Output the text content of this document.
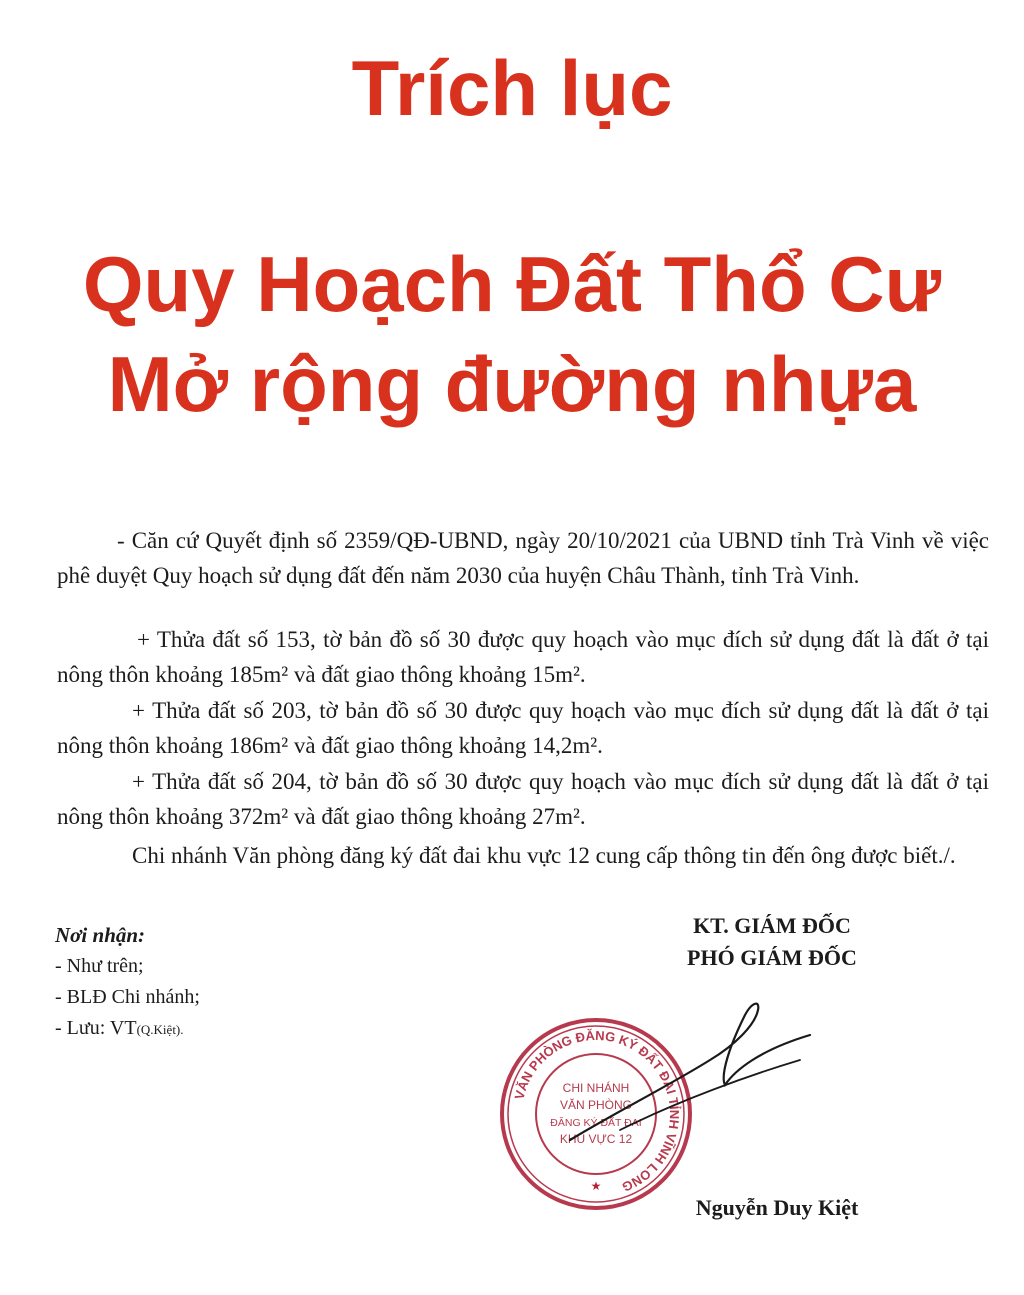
Trích lục
Quy Hoạch Đất Thổ Cư
Mở rộng đường nhựa

- Căn cứ Quyết định số 2359/QĐ-UBND, ngày 20/10/2021 của UBND tỉnh Trà Vinh về việc phê duyệt Quy hoạch sử dụng đất đến năm 2030 của huyện Châu Thành, tỉnh Trà Vinh.

+ Thửa đất số 153, tờ bản đồ số 30 được quy hoạch vào mục đích sử dụng đất là đất ở tại nông thôn khoảng 185m² và đất giao thông khoảng 15m².

+ Thửa đất số 203, tờ bản đồ số 30 được quy hoạch vào mục đích sử dụng đất là đất ở tại nông thôn khoảng 186m² và đất giao thông khoảng 14,2m².

+ Thửa đất số 204, tờ bản đồ số 30 được quy hoạch vào mục đích sử dụng đất là đất ở tại nông thôn khoảng 372m² và đất giao thông khoảng 27m².

Chi nhánh Văn phòng đăng ký đất đai khu vực 12 cung cấp thông tin đến ông được biết./.

Nơi nhận:
- Như trên;
- BLĐ Chi nhánh;
- Lưu: VT(Q.Kiệt).
KT. GIÁM ĐỐC
PHÓ GIÁM ĐỐC
VĂN PHÒNG ĐĂNG KÝ ĐẤT ĐAI TỈNH VĨNH LONG
CHI NHÁNH
VĂN PHÒNG
ĐĂNG KÝ ĐẤT ĐAI
KHU VỰC 12
★
Nguyễn Duy Kiệt
